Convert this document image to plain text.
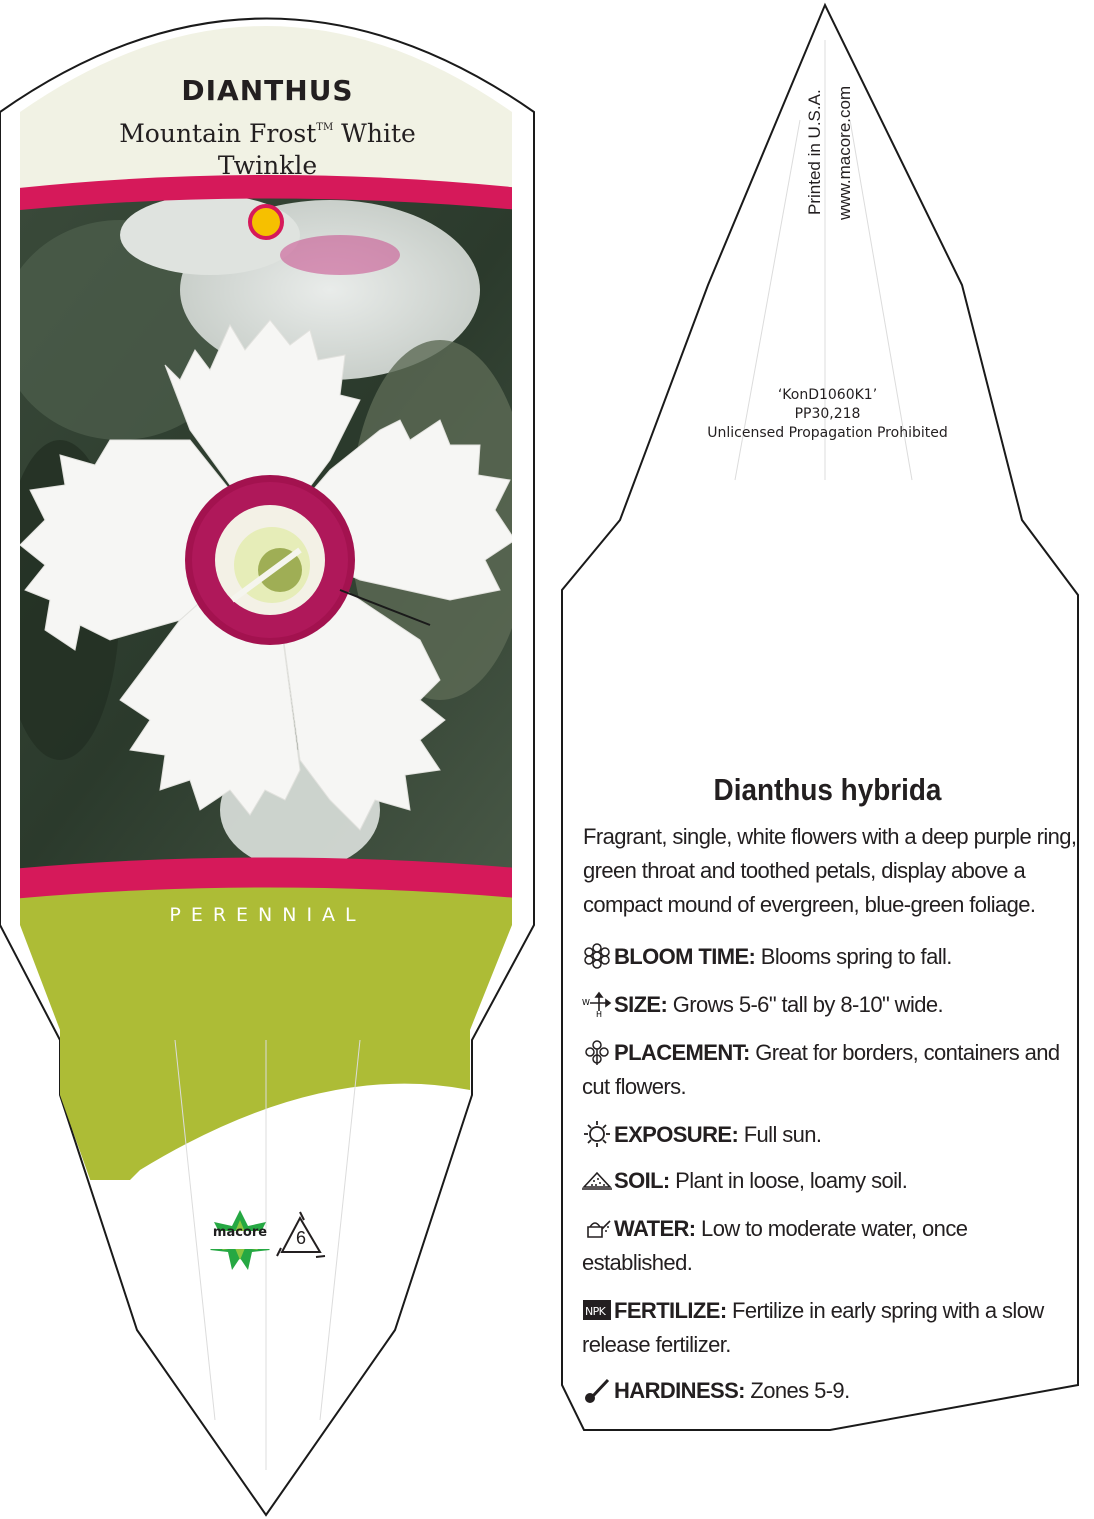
DIANTHUS
Mountain Frost™ White
Twinkle
PERENNIAL
macore	6
Printed in U.S.A. www.macore.com
‘KonD1060K1’
PP30,218
Unlicensed Propagation Prohibited
Dianthus hybrida
Fragrant, single, white flowers with a deep purple ring, green throat and toothed petals, display above a compact mound of evergreen, blue-green foliage.
BLOOM TIME: Blooms spring to fall.
W
H SIZE: Grows 5-6" tall by 8-10" wide.
PLACEMENT: Great for borders, containers and cut flowers.
EXPOSURE: Full sun.
SOIL: Plant in loose, loamy soil.
WATER: Low to moderate water, once established.
NPK FERTILIZE: Fertilize in early spring with a slow release fertilizer.
HARDINESS: Zones 5-9.
